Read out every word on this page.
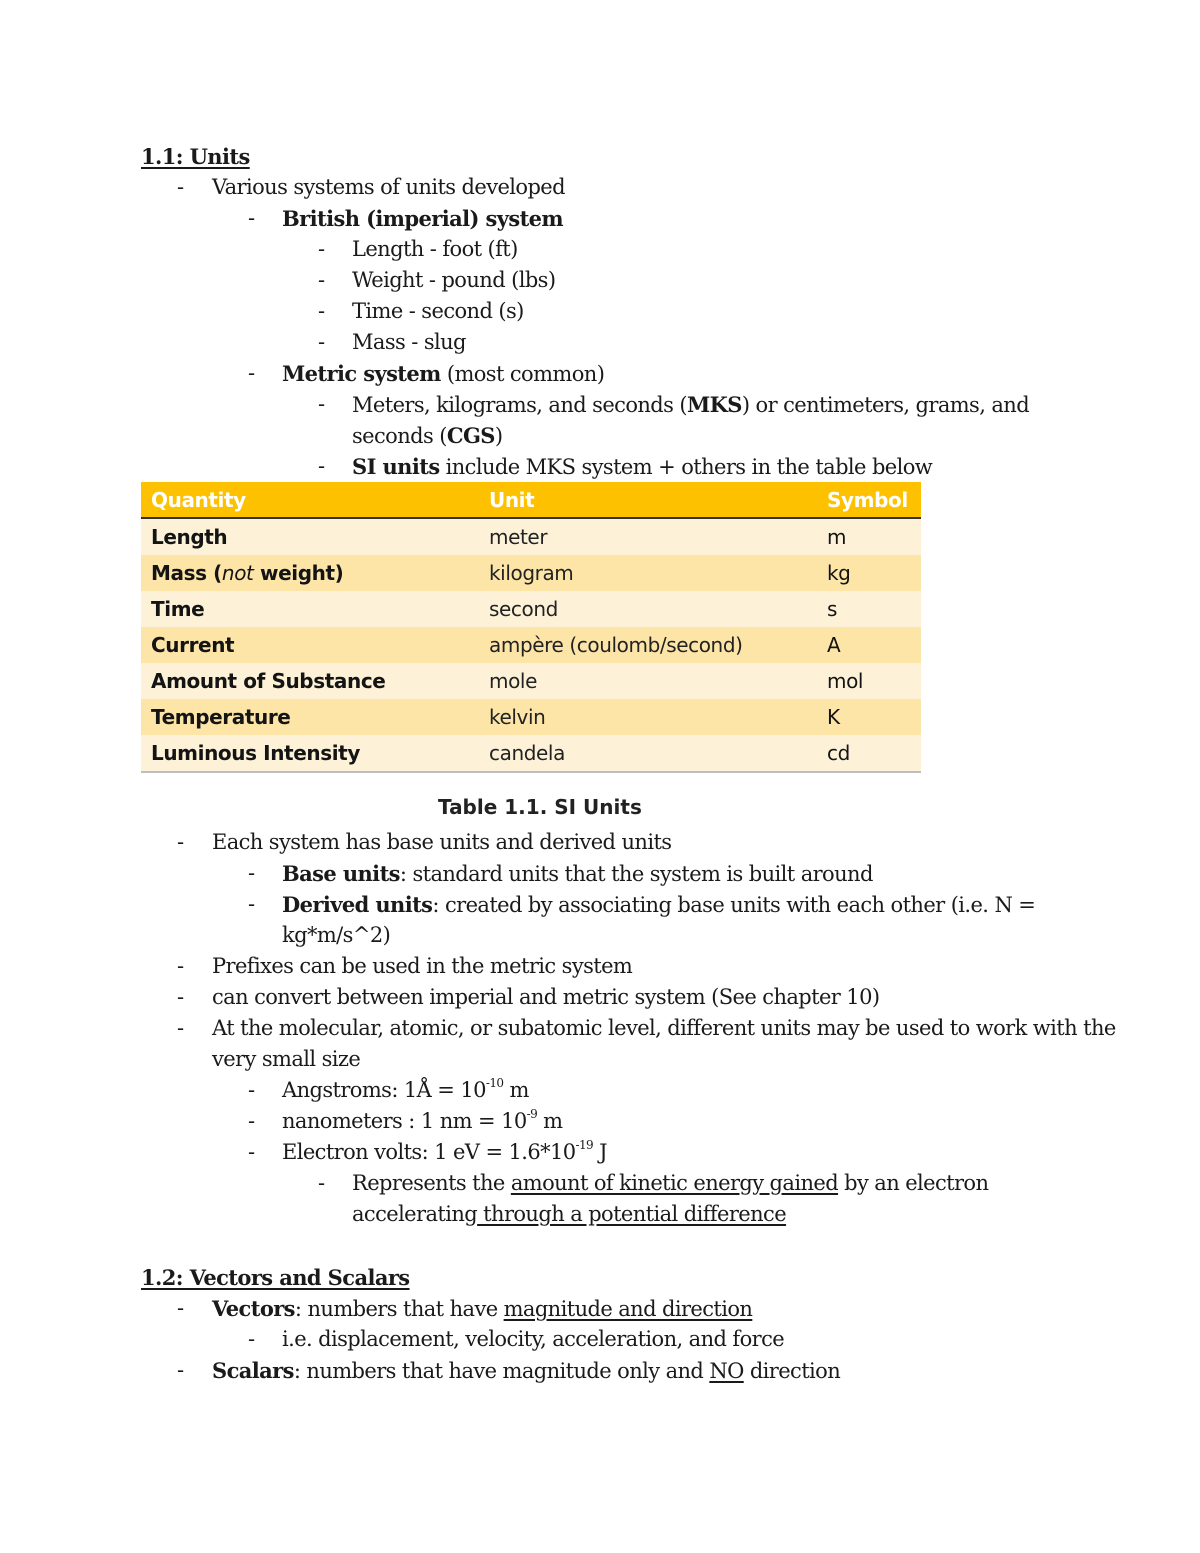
1.1: Units
- Various systems of units developed
- British (imperial) system
- Length - foot (ft)
- Weight - pound (lbs)
- Time - second (s)
- Mass - slug
- Metric system (most common)
- Meters, kilograms, and seconds (MKS) or centimeters, grams, and
seconds (CGS)
- SI units include MKS system + others in the table below
Quantity	Unit	Symbol
Length	meter	m
Mass (not weight)	kilogram	kg
Time	second	s
Current	ampère (coulomb/second)	A
Amount of Substance	mole	mol
Temperature	kelvin	K
Luminous Intensity	candela	cd
Table 1.1. SI Units
- Each system has base units and derived units
- Base units: standard units that the system is built around
- Derived units: created by associating base units with each other (i.e. N =
kg*m/s^2)
- Prefixes can be used in the metric system
- can convert between imperial and metric system (See chapter 10)
- At the molecular, atomic, or subatomic level, different units may be used to work with the
very small size
- Angstroms: 1Å = $10^{-10}$ m
- nanometers : 1 nm = $10^{-9}$ m
- Electron volts: 1 eV = $1.6*10^{-19}$ J
- Represents the amount of kinetic energy gained by an electron
accelerating through a potential difference
1.2: Vectors and Scalars
- Vectors: numbers that have magnitude and direction
- i.e. displacement, velocity, acceleration, and force
- Scalars: numbers that have magnitude only and NO direction
